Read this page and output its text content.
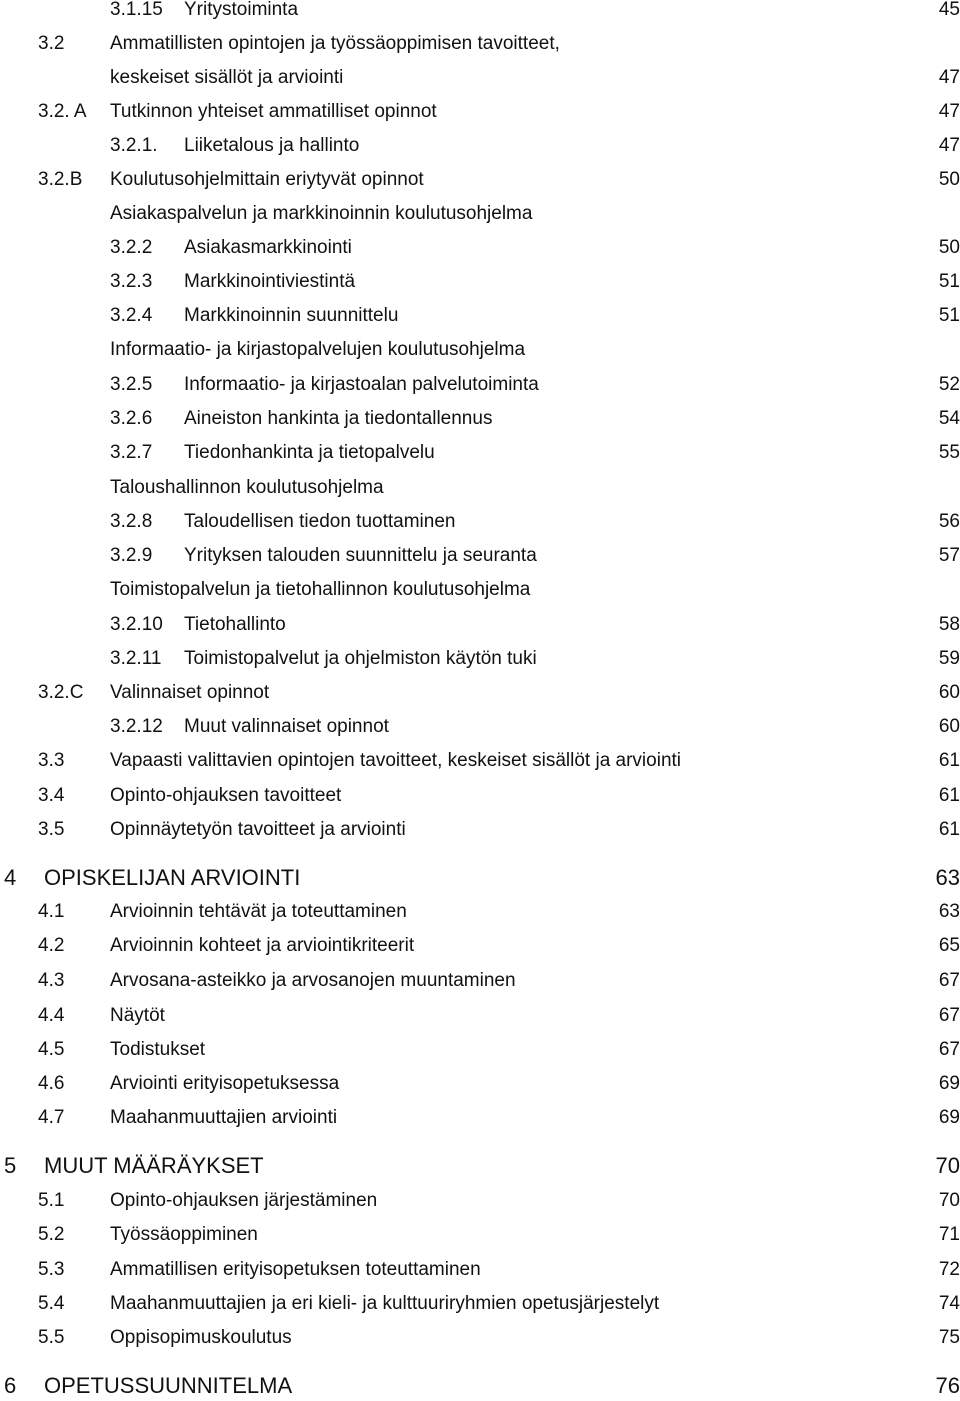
3.1.15 Yritystoiminta	45
3.2 Ammatillisten opintojen ja työssäoppimisen tavoitteet,
keskeiset sisällöt ja arviointi	47
3.2. A Tutkinnon yhteiset ammatilliset opinnot	47
3.2.1. Liiketalous ja hallinto	47
3.2.B Koulutusohjelmittain eriytyvät opinnot	50
Asiakaspalvelun ja markkinoinnin koulutusohjelma
3.2.2 Asiakasmarkkinointi	50
3.2.3 Markkinointiviestintä	51
3.2.4 Markkinoinnin suunnittelu	51
Informaatio- ja kirjastopalvelujen koulutusohjelma
3.2.5 Informaatio- ja kirjastoalan palvelutoiminta	52
3.2.6 Aineiston hankinta ja tiedontallennus	54
3.2.7 Tiedonhankinta ja tietopalvelu	55
Taloushallinnon koulutusohjelma
3.2.8 Taloudellisen tiedon tuottaminen	56
3.2.9 Yrityksen talouden suunnittelu ja seuranta	57
Toimistopalvelun ja tietohallinnon koulutusohjelma
3.2.10 Tietohallinto	58
3.2.11 Toimistopalvelut ja ohjelmiston käytön tuki	59
3.2.C Valinnaiset opinnot	60
3.2.12 Muut valinnaiset opinnot	60
3.3 Vapaasti valittavien opintojen tavoitteet, keskeiset sisällöt ja arviointi	61
3.4 Opinto-ohjauksen tavoitteet	61
3.5 Opinnäytetyön tavoitteet ja arviointi	61
4 OPISKELIJAN ARVIOINTI	63
4.1 Arvioinnin tehtävät ja toteuttaminen	63
4.2 Arvioinnin kohteet ja arviointikriteerit	65
4.3 Arvosana-asteikko ja arvosanojen muuntaminen	67
4.4 Näytöt	67
4.5 Todistukset	67
4.6 Arviointi erityisopetuksessa	69
4.7 Maahanmuuttajien arviointi	69
5 MUUT MÄÄRÄYKSET	70
5.1 Opinto-ohjauksen järjestäminen	70
5.2 Työssäoppiminen	71
5.3 Ammatillisen erityisopetuksen toteuttaminen	72
5.4 Maahanmuuttajien ja eri kieli- ja kulttuuriryhmien opetusjärjestelyt	74
5.5 Oppisopimuskoulutus	75
6 OPETUSSUUNNITELMA	76
